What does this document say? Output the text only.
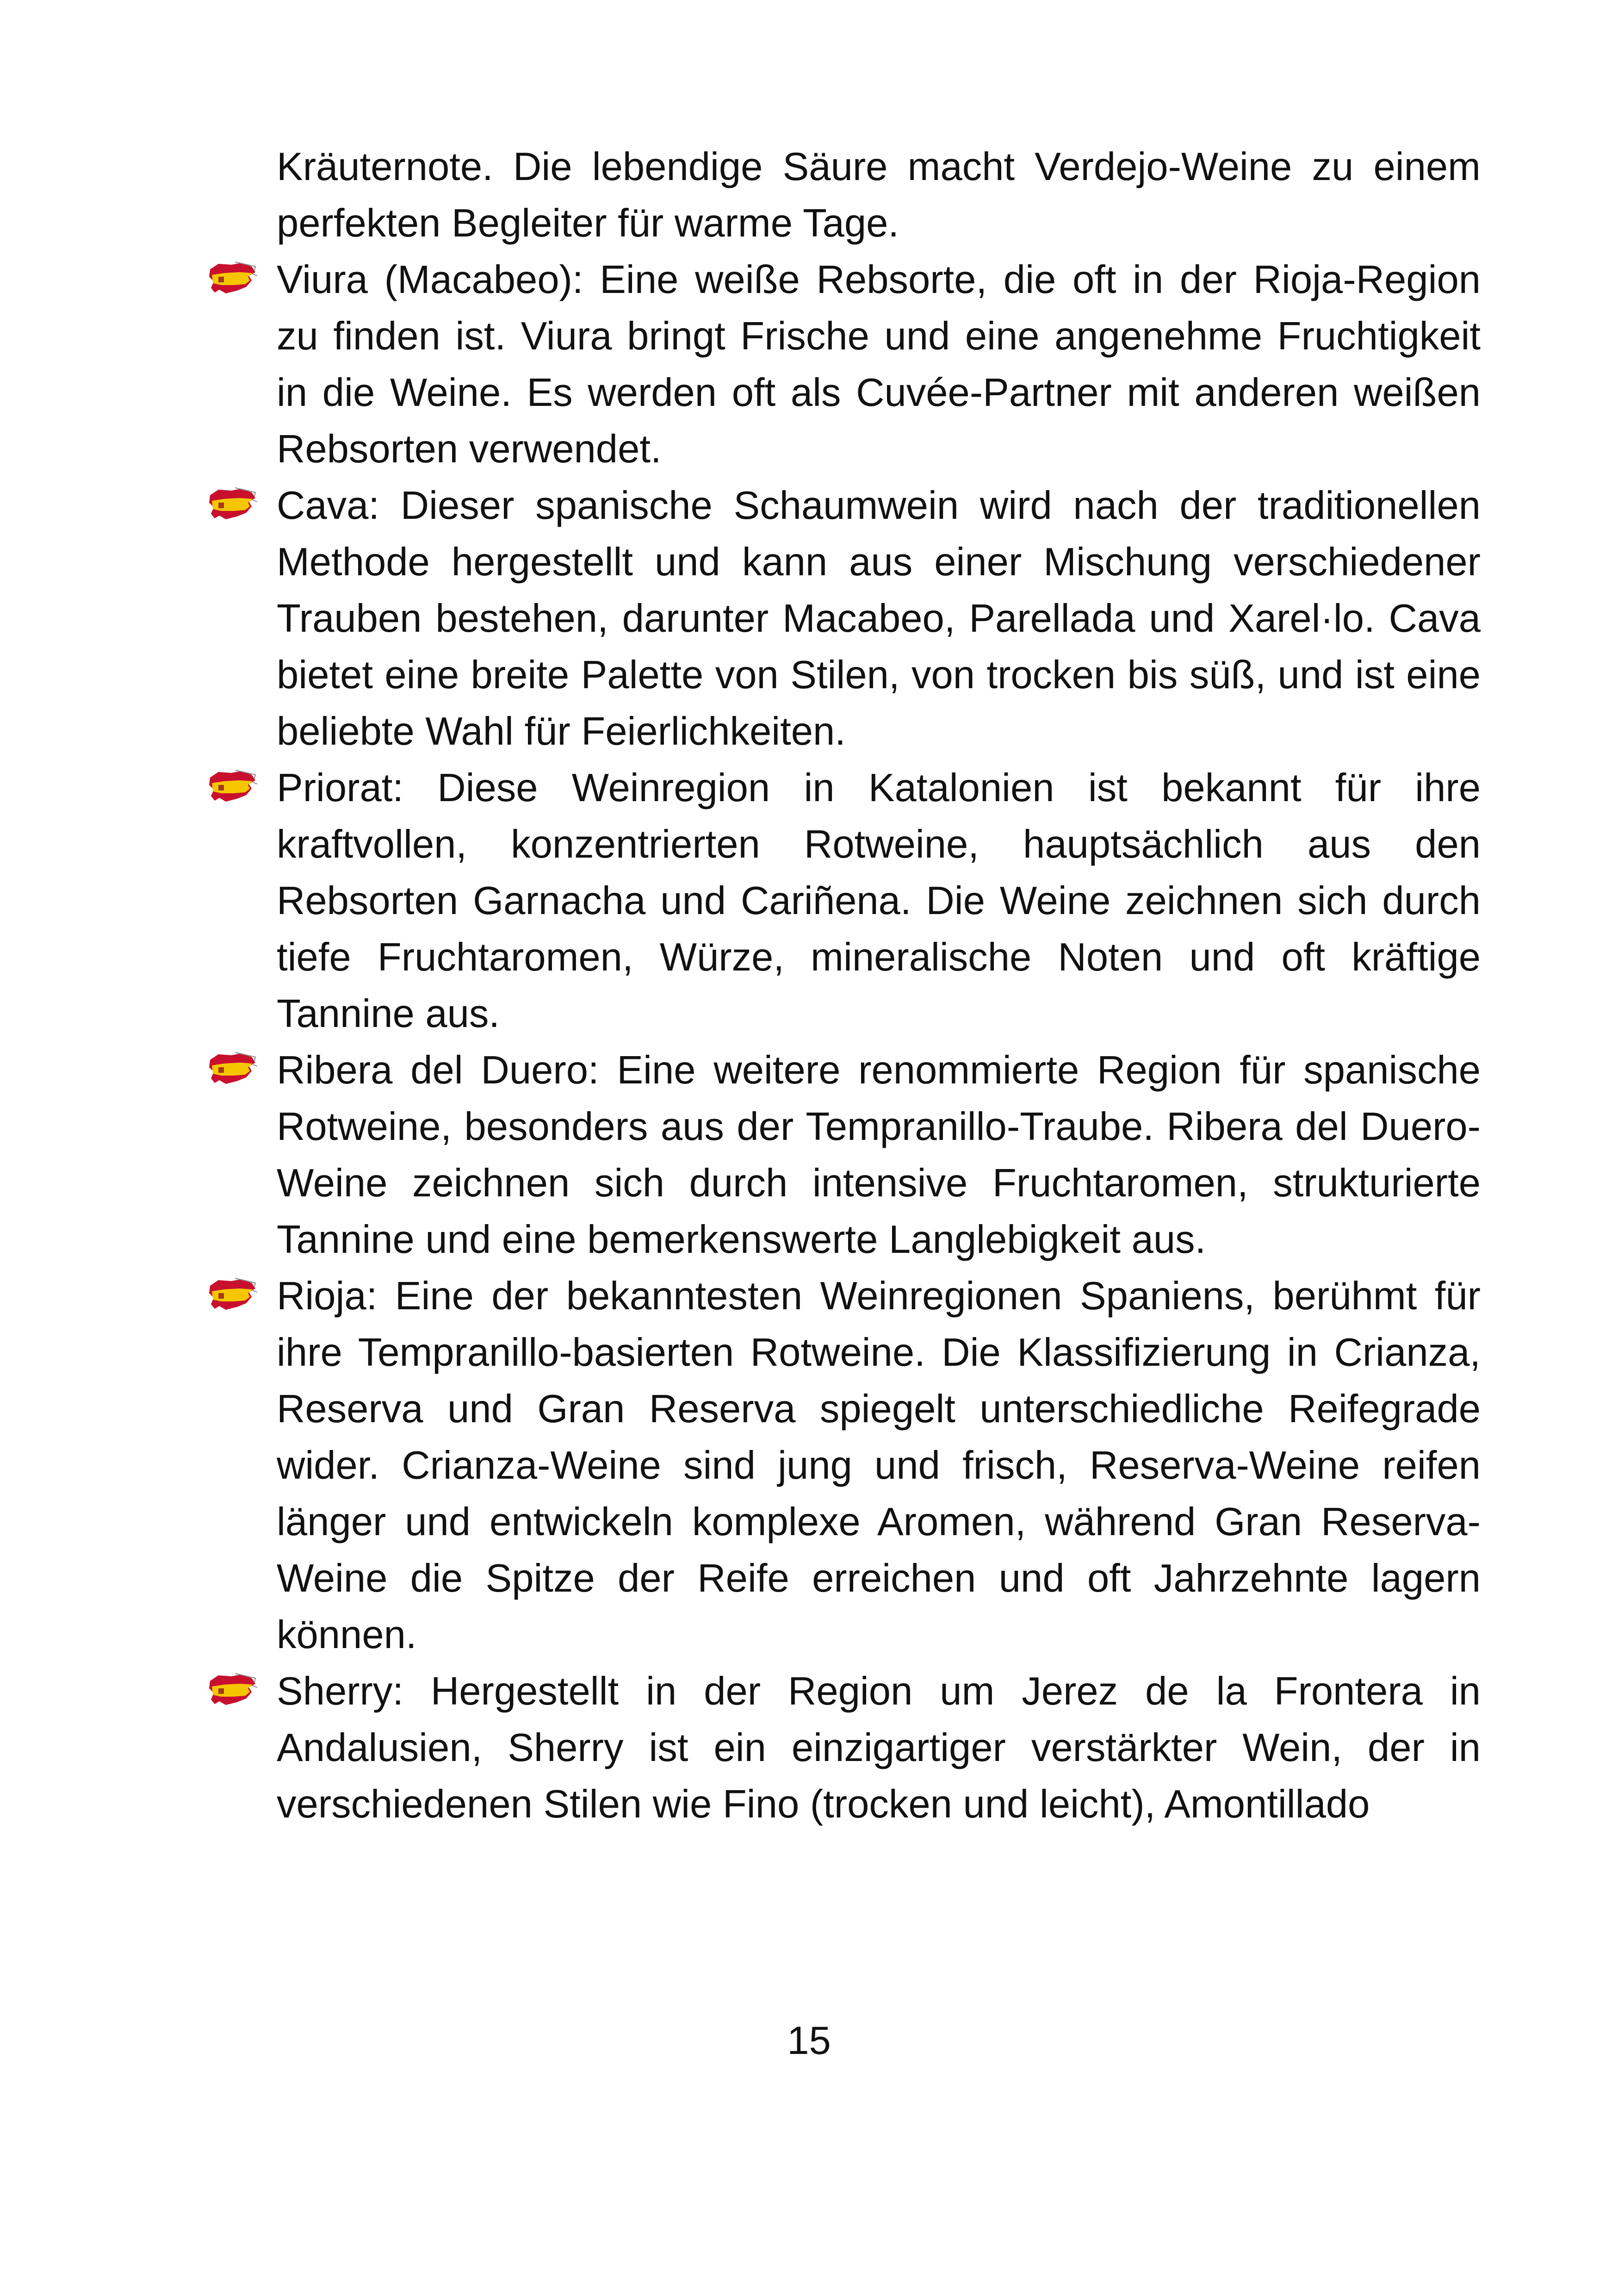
Kräuternote. Die lebendige Säure macht Verdejo-Weine zu einem perfekten Begleiter für warme Tage.

Viura (Macabeo): Eine weiße Rebsorte, die oft in der Rioja-Region zu finden ist. Viura bringt Frische und eine angenehme Fruchtigkeit in die Weine. Es werden oft als Cuvée-Partner mit anderen weißen Rebsorten verwendet.

Cava: Dieser spanische Schaumwein wird nach der traditionellen Methode hergestellt und kann aus einer Mischung verschiedener Trauben bestehen, darunter Macabeo, Parellada und Xarel·lo. Cava bietet eine breite Palette von Stilen, von trocken bis süß, und ist eine beliebte Wahl für Feierlichkeiten.

Priorat: Diese Weinregion in Katalonien ist bekannt für ihre kraftvollen, konzentrierten Rotweine, hauptsächlich aus den Rebsorten Garnacha und Cariñena. Die Weine zeichnen sich durch tiefe Fruchtaromen, Würze, mineralische Noten und oft kräftige Tannine aus.

Ribera del Duero: Eine weitere renommierte Region für spanische Rotweine, besonders aus der Tempranillo-Traube. Ribera del Duero-Weine zeichnen sich durch intensive Fruchtaromen, strukturierte Tannine und eine bemerkenswerte Langlebigkeit aus.

Rioja: Eine der bekanntesten Weinregionen Spaniens, berühmt für ihre Tempranillo-basierten Rotweine. Die Klassifizierung in Crianza, Reserva und Gran Reserva spiegelt unterschiedliche Reifegrade wider. Crianza-Weine sind jung und frisch, Reserva-Weine reifen länger und entwickeln komplexe Aromen, während Gran Reserva-Weine die Spitze der Reife erreichen und oft Jahrzehnte lagern können.

Sherry: Hergestellt in der Region um Jerez de la Frontera in Andalusien, Sherry ist ein einzigartiger verstärkter Wein, der in verschiedenen Stilen wie Fino (trocken und leicht), Amontillado

15
